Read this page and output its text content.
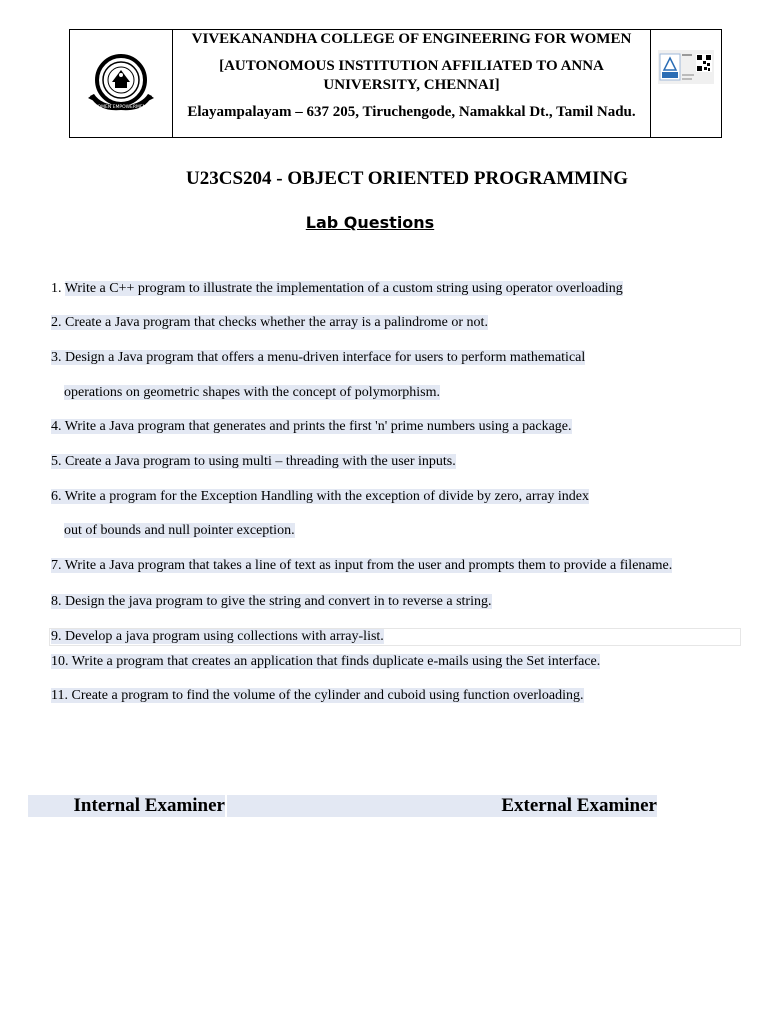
WOMEN EMPOWERMENT
VIVEKANANDHA COLLEGE OF ENGINEERING FOR WOMEN
[AUTONOMOUS INSTITUTION AFFILIATED TO ANNA UNIVERSITY, CHENNAI]
Elayampalayam – 637 205, Tiruchengode, Namakkal Dt., Tamil Nadu.
U23CS204 - OBJECT ORIENTED PROGRAMMING
Lab Questions
1. Write a C++ program to illustrate the implementation of a custom string using operator overloading
2. Create a Java program that checks whether the array is a palindrome or not.
3. Design a Java program that offers a menu-driven interface for users to perform mathematical
operations on geometric shapes with the concept of polymorphism.
4. Write a Java program that generates and prints the first 'n' prime numbers using a package.
5. Create a Java program to using multi – threading with the user inputs.
6. Write a program for the Exception Handling with the exception of divide by zero, array index
out of bounds and null pointer exception.
7. Write a Java program that takes a line of text as input from the user and prompts them to provide a filename.
8. Design the java program to give the string and convert in to reverse a string.
9. Develop a java program using collections with array-list.
10. Write a program that creates an application that finds duplicate e-mails using the Set interface.
11. Create a program to find the volume of the cylinder and cuboid using function overloading.
Internal Examiner	External Examiner
